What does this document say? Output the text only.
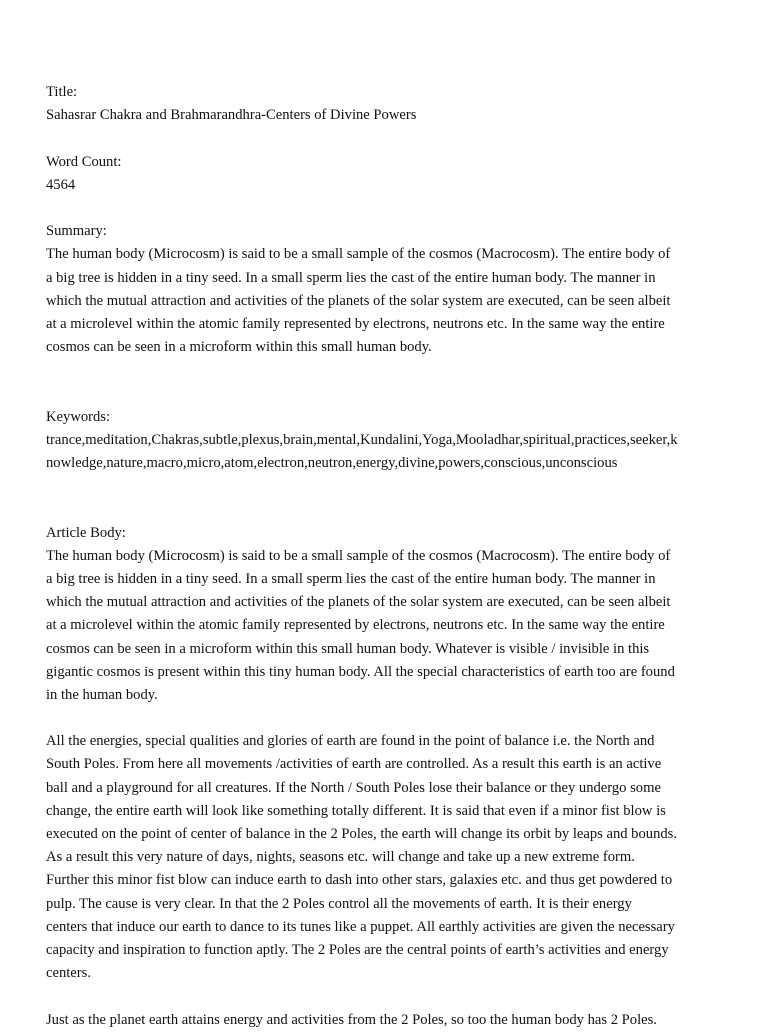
Title:
Sahasrar Chakra and Brahmarandhra-Centers of Divine Powers
Word Count:
4564
Summary:
The human body (Microcosm) is said to be a small sample of the cosmos (Macrocosm). The entire body of
a big tree is hidden in a tiny seed. In a small sperm lies the cast of the entire human body. The manner in
which the mutual attraction and activities of the planets of the solar system are executed, can be seen albeit
at a microlevel within the atomic family represented by electrons, neutrons etc. In the same way the entire
cosmos can be seen in a microform within this small human body.
Keywords:
trance,meditation,Chakras,subtle,plexus,brain,mental,Kundalini,Yoga,Mooladhar,spiritual,practices,seeker,k
nowledge,nature,macro,micro,atom,electron,neutron,energy,divine,powers,conscious,unconscious
Article Body:
The human body (Microcosm) is said to be a small sample of the cosmos (Macrocosm). The entire body of
a big tree is hidden in a tiny seed. In a small sperm lies the cast of the entire human body. The manner in
which the mutual attraction and activities of the planets of the solar system are executed, can be seen albeit
at a microlevel within the atomic family represented by electrons, neutrons etc. In the same way the entire
cosmos can be seen in a microform within this small human body. Whatever is visible / invisible in this
gigantic cosmos is present within this tiny human body. All the special characteristics of earth too are found
in the human body.
All the energies, special qualities and glories of earth are found in the point of balance i.e. the North and
South Poles. From here all movements /activities of earth are controlled. As a result this earth is an active
ball and a playground for all creatures. If the North / South Poles lose their balance or they undergo some
change, the entire earth will look like something totally different. It is said that even if a minor fist blow is
executed on the point of center of balance in the 2 Poles, the earth will change its orbit by leaps and bounds.
As a result this very nature of days, nights, seasons etc. will change and take up a new extreme form.
Further this minor fist blow can induce earth to dash into other stars, galaxies etc. and thus get powdered to
pulp. The cause is very clear. In that the 2 Poles control all the movements of earth. It is their energy
centers that induce our earth to dance to its tunes like a puppet. All earthly activities are given the necessary
capacity and inspiration to function aptly. The 2 Poles are the central points of earth’s activities and energy
centers.
Just as the planet earth attains energy and activities from the 2 Poles, so too the human body has 2 Poles.
